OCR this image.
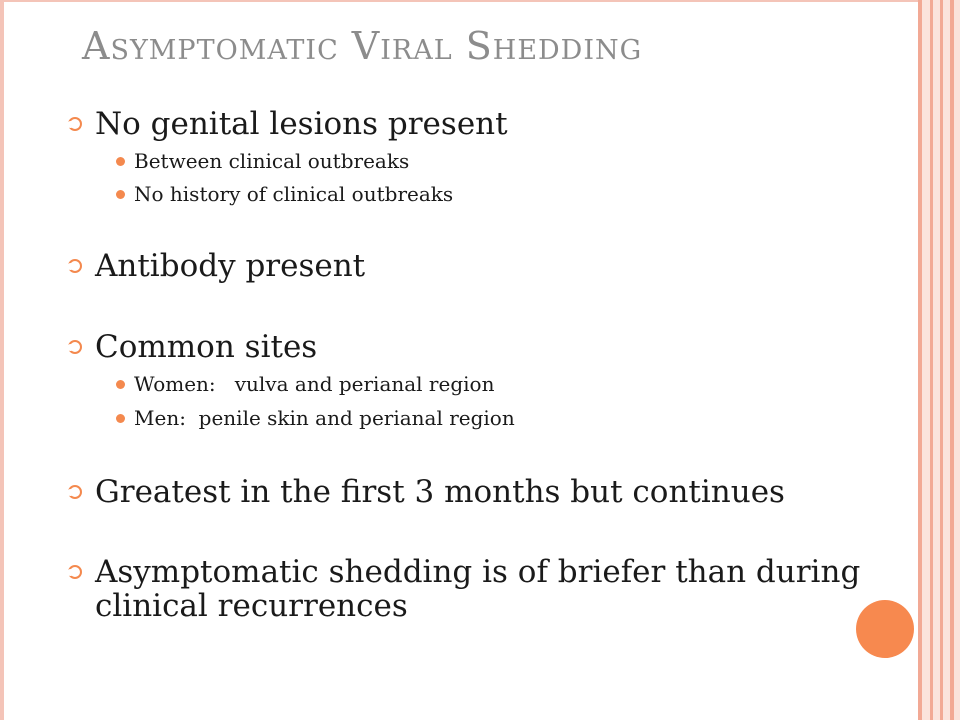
Asymptomatic Viral Shedding
No genital lesions present
Between clinical outbreaks
No history of clinical outbreaks
Antibody present
Common sites
Women:   vulva and perianal region
Men:  penile skin and perianal region
Greatest in the first 3 months but continues
Asymptomatic shedding is of briefer than during clinical recurrences
